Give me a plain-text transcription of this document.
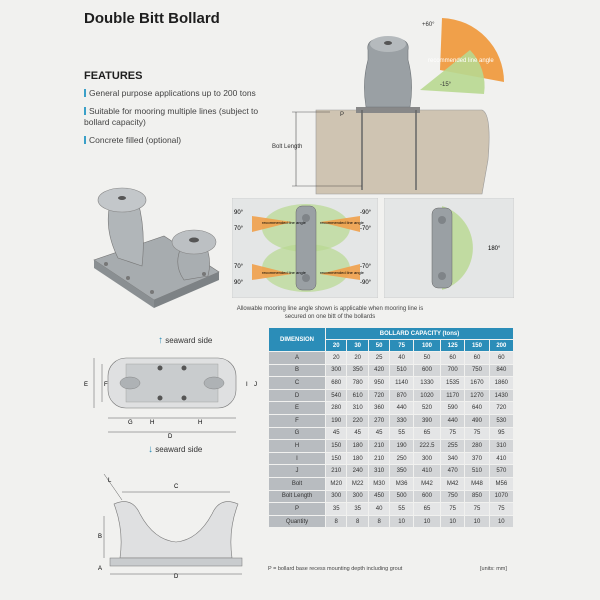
Double Bitt Bollard
FEATURES
General purpose applications up to 200 tons
Suitable for mooring multiple lines (subject to bollard capacity)
Concrete filled (optional)
+60°
-15°
recommended line angle
P
Bolt Length
90°
70°
70°
90°
-90°
-70°
-70°
-90°
recommended line angle	recommended line angle
recommended line angle	recommended line angle
180°
Allowable mooring line angle shown is applicable when mooring line is secured on one bitt of the bollards
↑ seaward side
E	F	I J
G	H	H
D
↓ seaward side
C
B
A
D
L
DIMENSION	BOLLARD CAPACITY (tons)							
	20	30	50	75	100	125	150	200
A	20	20	25	40	50	60	60	60
B	300	350	420	510	600	700	750	840
C	680	780	950	1140	1330	1535	1670	1860
D	540	610	720	870	1020	1170	1270	1430
E	280	310	360	440	520	590	640	720
F	190	220	270	330	390	440	490	530
G	45	45	45	55	65	75	75	95
H	150	180	210	190	222.5	255	280	310
I	150	180	210	250	300	340	370	410
J	210	240	310	350	410	470	510	570
Bolt	M20	M22	M30	M36	M42	M42	M48	M56
Bolt Length	300	300	450	500	600	750	850	1070
P	35	35	40	55	65	75	75	75
Quantity	8	8	8	10	10	10	10	10
P = bollard base recess mounting depth including grout	[units: mm]
